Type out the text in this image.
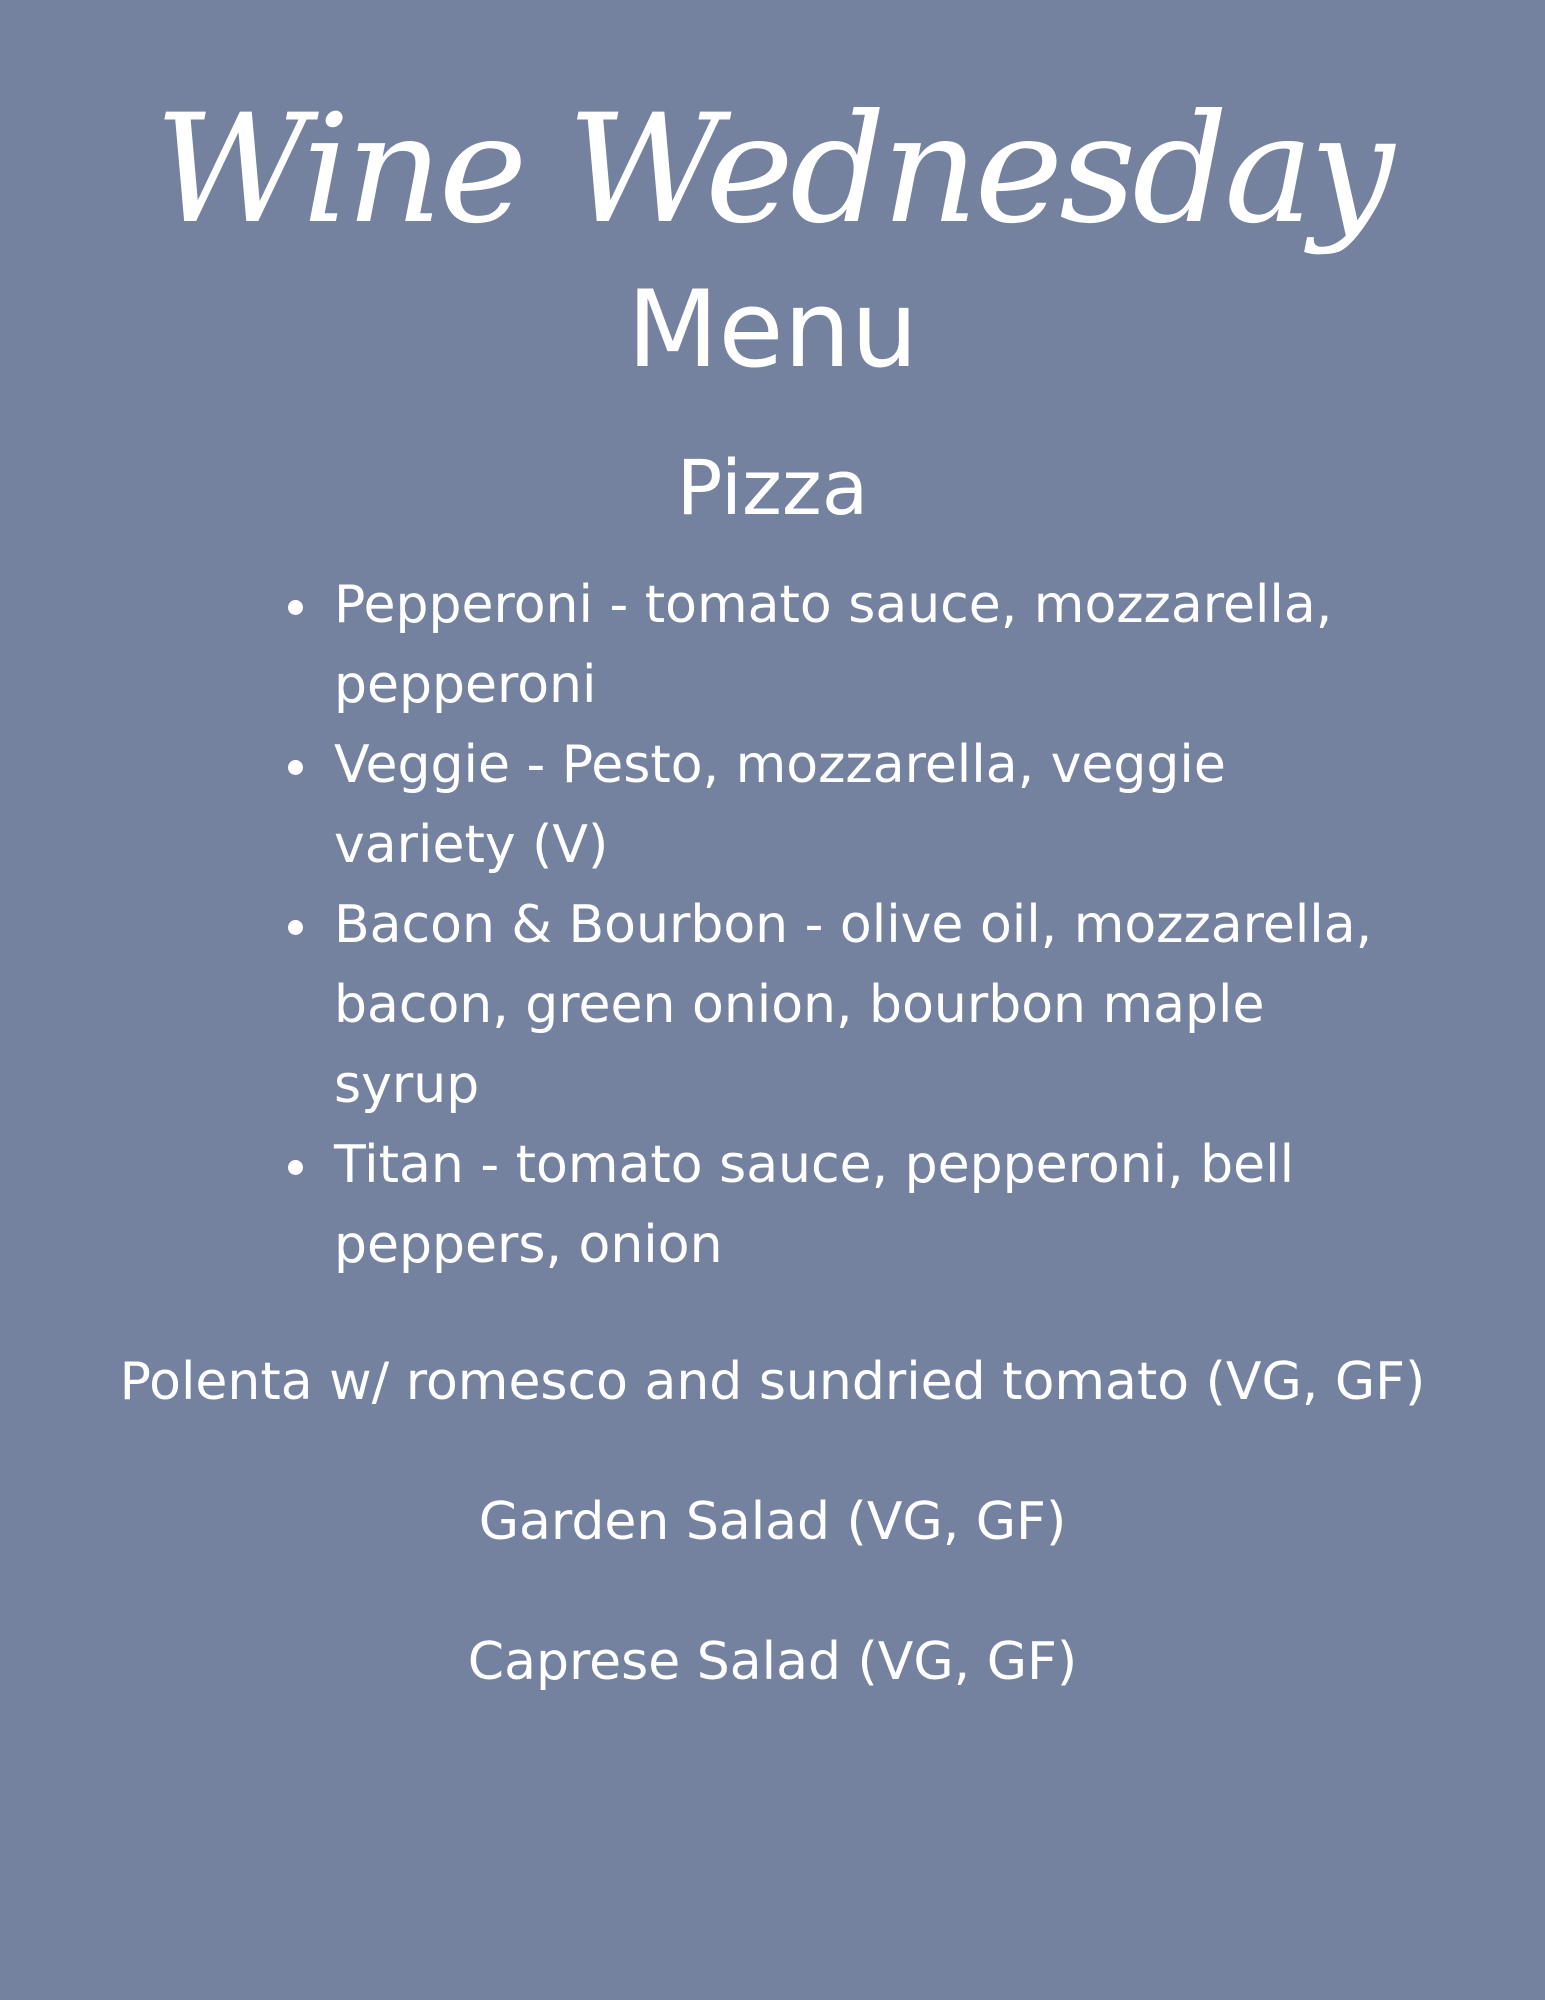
Wine Wednesday
Menu
Pizza
Pepperoni - tomato sauce, mozzarella, pepperoni
Veggie - Pesto, mozzarella, veggie variety (V)
Bacon & Bourbon - olive oil, mozzarella, bacon, green onion, bourbon maple syrup
Titan - tomato sauce, pepperoni, bell peppers, onion
Polenta w/ romesco and sundried tomato (VG, GF)
Garden Salad (VG, GF)
Caprese Salad (VG, GF)
